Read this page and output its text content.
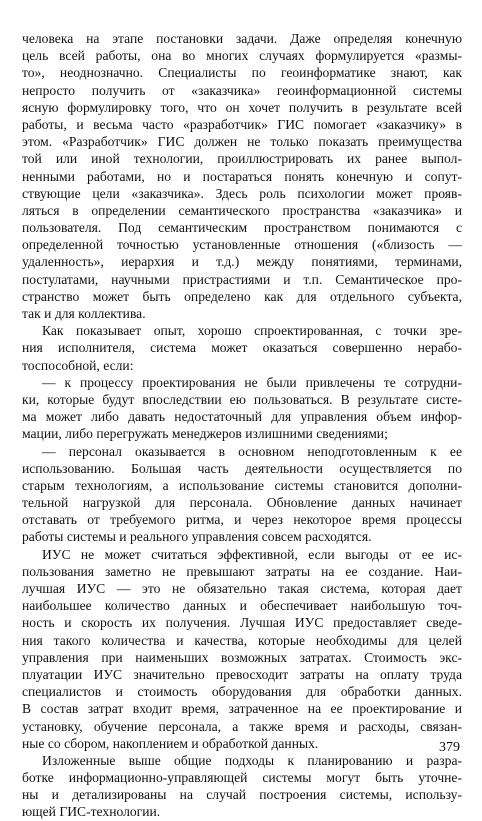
человека на этапе постановки задачи. Даже определяя конечную
цель всей работы, она во многих случаях формулируется «размы-
то», неоднозначно. Специалисты по геоинформатике знают, как
непросто получить от «заказчика» геоинформационной системы
ясную формулировку того, что он хочет получить в результате всей
работы, и весьма часто «разработчик» ГИС помогает «заказчику» в
этом. «Разработчик» ГИС должен не только показать преимущества
той или иной технологии, проиллюстрировать их ранее выпол-
ненными работами, но и постараться понять конечную и сопут-
ствующие цели «заказчика». Здесь роль психологии может прояв-
ляться в определении семантического пространства «заказчика» и
пользователя. Под семантическим пространством понимаются с
определенной точностью установленные отношения («близость —
удаленность», иерархия и т.д.) между понятиями, терминами,
постулатами, научными пристрастиями и т.п. Семантическое про-
странство может быть определено как для отдельного субъекта,
так и для коллектива.
Как показывает опыт, хорошо спроектированная, с точки зре-
ния исполнителя, система может оказаться совершенно нерабо-
тоспособной, если:
— к процессу проектирования не были привлечены те сотрудни-
ки, которые будут впоследствии ею пользоваться. В результате систе-
ма может либо давать недостаточный для управления объем инфор-
мации, либо перегружать менеджеров излишними сведениями;
— персонал оказывается в основном неподготовленным к ее
использованию. Большая часть деятельности осуществляется по
старым технологиям, а использование системы становится дополни-
тельной нагрузкой для персонала. Обновление данных начинает
отставать от требуемого ритма, и через некоторое время процессы
работы системы и реального управления совсем расходятся.
ИУС не может считаться эффективной, если выгоды от ее ис-
пользования заметно не превышают затраты на ее создание. Наи-
лучшая ИУС — это не обязательно такая система, которая дает
наибольшее количество данных и обеспечивает наибольшую точ-
ность и скорость их получения. Лучшая ИУС предоставляет сведе-
ния такого количества и качества, которые необходимы для целей
управления при наименьших возможных затратах. Стоимость экс-
плуатации ИУС значительно превосходит затраты на оплату труда
специалистов и стоимость оборудования для обработки данных.
В состав затрат входит время, затраченное на ее проектирование и
установку, обучение персонала, а также время и расходы, связан-
ные со сбором, накоплением и обработкой данных.
Изложенные выше общие подходы к планированию и разра-
ботке информационно-управляющей системы могут быть уточне-
ны и детализированы на случай построения системы, использу-
ющей ГИС-технологии.
379
